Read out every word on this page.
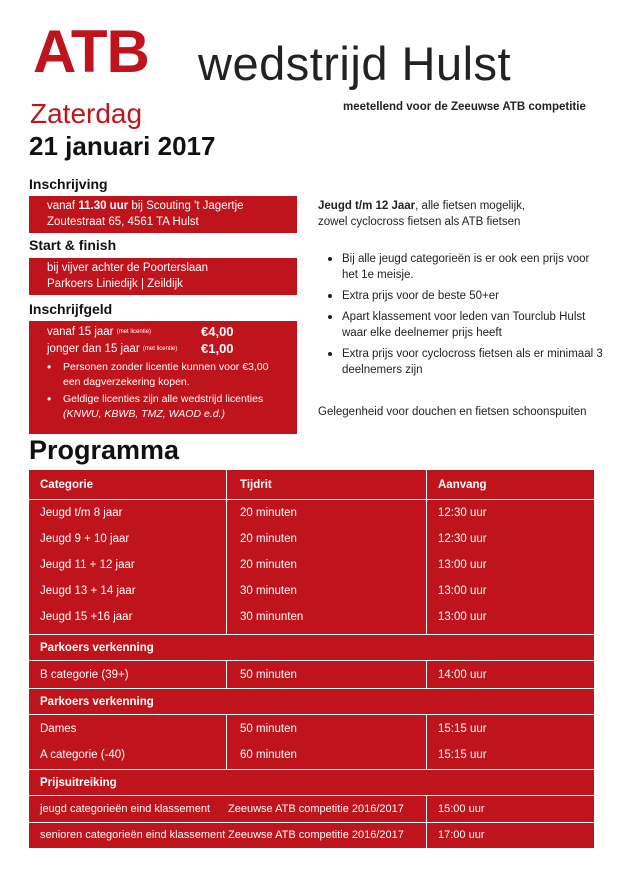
ATB wedstrijd Hulst
Zaterdag	meetellend voor de Zeeuwse ATB competitie
21 januari 2017
Inschrijving
vanaf 11.30 uur bij Scouting 't Jagertje
Zoutestraat 65, 4561 TA Hulst
Start & finish
bij vijver achter de Poorterslaan
Parkoers Liniedijk | Zeildijk
Inschrijfgeld
vanaf 15 jaar $^{(met licentie)}$	€4,00
jonger dan 15 jaar $^{(met licentie)}$ €1,00
• Personen zonder licentie kunnen voor €3,00 een dagverzekering kopen.
• Geldige licenties zijn alle wedstrijd licenties
(KNWU, KBWB, TMZ, WAOD e.d.)
Jeugd t/m 12 Jaar, alle fietsen mogelijk,
zowel cyclocross fietsen als ATB fietsen
• Bij alle jeugd categorieën is er ook een prijs voor het 1e meisje.
• Extra prijs voor de beste 50+er
• Apart klassement voor leden van Tourclub Hulst waar elke deelnemer prijs heeft
• Extra prijs voor cyclocross fietsen als er minimaal 3 deelnemers zijn
Gelegenheid voor douchen en fietsen schoonspuiten
Programma
Categorie	Tijdrit	Aanvang
Jeugd t/m 8 jaar	20 minuten	12:30 uur
Jeugd 9 + 10 jaar	20 minuten	12:30 uur
Jeugd 11 + 12 jaar	20 minuten	13:00 uur
Jeugd 13 + 14 jaar	30 minuten	13:00 uur
Jeugd 15 +16 jaar	30 minunten	13:00 uur
Parkoers verkenning
B categorie (39+)	50 minuten	14:00 uur
Parkoers verkenning
Dames	50 minuten	15:15 uur
A categorie (-40)	60 minuten	15:15 uur
Prijsuitreiking
jeugd categorieën eind klassement Zeeuwse ATB competitie 2016/2017	15:00 uur
senioren categorieën eind klassement Zeeuwse ATB competitie 2016/2017	17:00 uur
